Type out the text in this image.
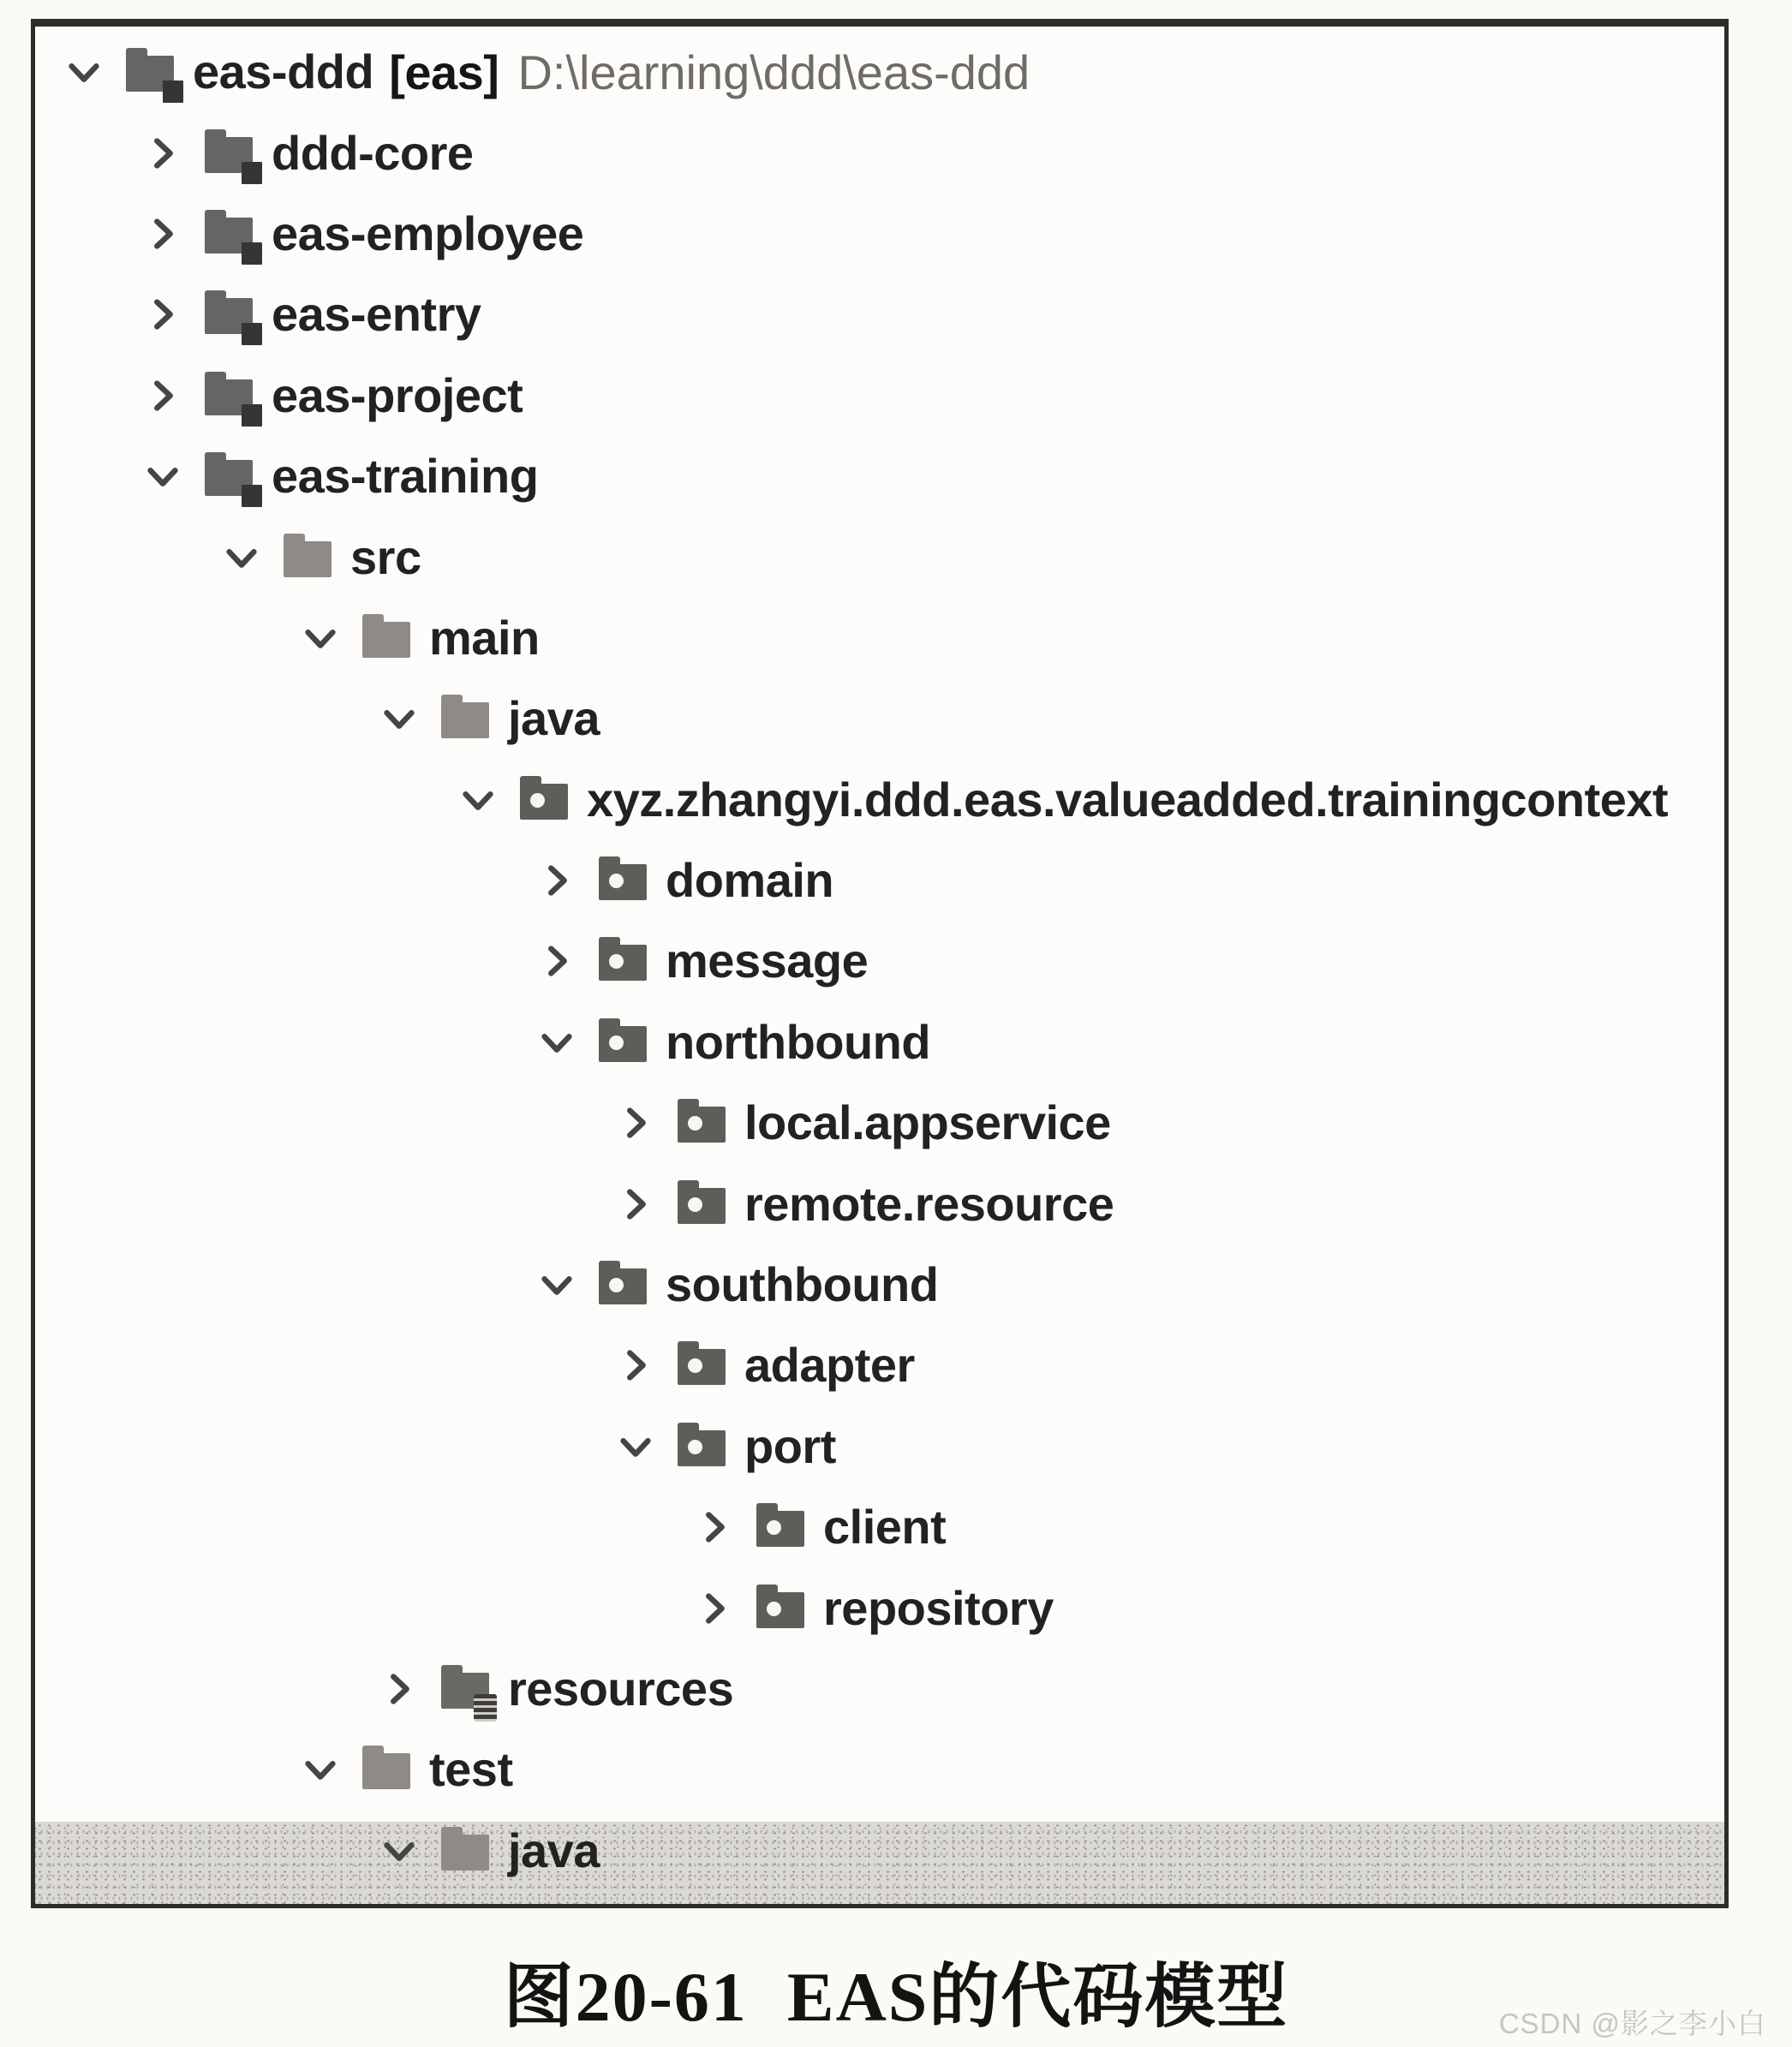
eas-ddd [eas] D:\learning\ddd\eas-ddd
ddd-core
eas-employee
eas-entry
eas-project
eas-training
src
main
java
xyz.zhangyi.ddd.eas.valueadded.trainingcontext
domain
message
northbound
local.appservice
remote.resource
southbound
adapter
port
client
repository
resources
test
java
图20-61 EAS的代码模型	CSDN @影之李小白
